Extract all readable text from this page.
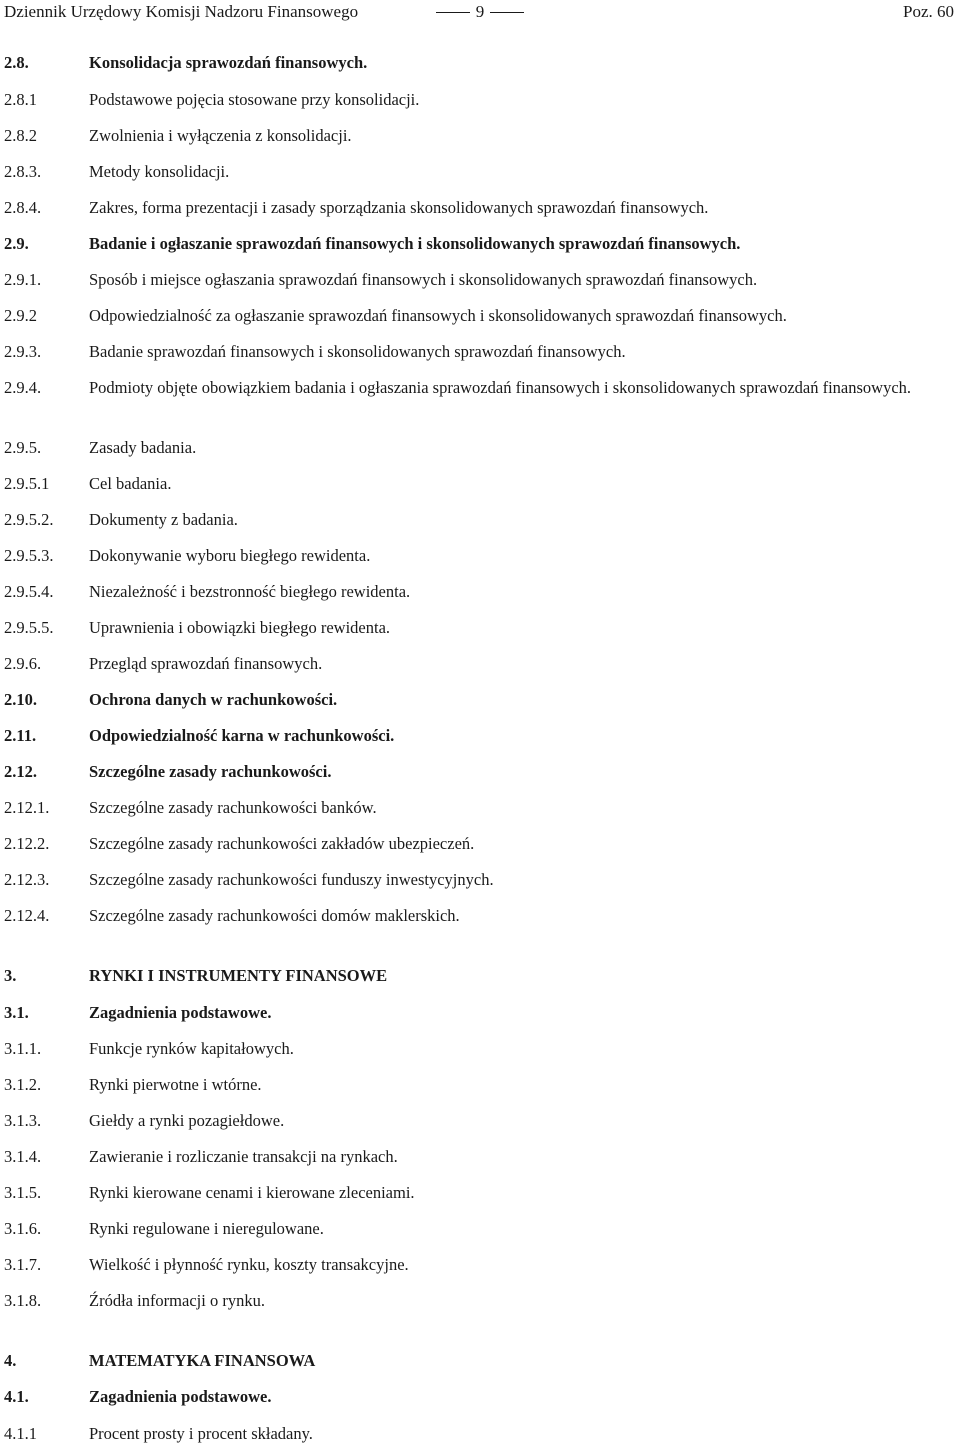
Dziennik Urzędowy Komisji Nadzoru Finansowego	9	Poz. 60
2.8.	Konsolidacja sprawozdań finansowych.
2.8.1	Podstawowe pojęcia stosowane przy konsolidacji.
2.8.2	Zwolnienia i wyłączenia z konsolidacji.
2.8.3.	Metody konsolidacji.
2.8.4.	Zakres, forma prezentacji i zasady sporządzania skonsolidowanych sprawozdań finansowych.
2.9.	Badanie i ogłaszanie sprawozdań finansowych i skonsolidowanych sprawozdań finansowych.
2.9.1.	Sposób i miejsce ogłaszania sprawozdań finansowych i skonsolidowanych sprawozdań finansowych.
2.9.2	Odpowiedzialność za ogłaszanie sprawozdań finansowych i skonsolidowanych sprawozdań finansowych.
2.9.3.	Badanie sprawozdań finansowych i skonsolidowanych sprawozdań finansowych.
2.9.4.	Podmioty objęte obowiązkiem badania i ogłaszania sprawozdań finansowych i skonsolidowanych sprawozdań finansowych.
2.9.5.	Zasady badania.
2.9.5.1 Cel badania.
2.9.5.2. Dokumenty z badania.
2.9.5.3. Dokonywanie wyboru biegłego rewidenta.
2.9.5.4. Niezależność i bezstronność biegłego rewidenta.
2.9.5.5. Uprawnienia i obowiązki biegłego rewidenta.
2.9.6.	Przegląd sprawozdań finansowych.
2.10.	Ochrona danych w rachunkowości.
2.11.	Odpowiedzialność karna w rachunkowości.
2.12.	Szczególne zasady rachunkowości.
2.12.1. Szczególne zasady rachunkowości banków.
2.12.2. Szczególne zasady rachunkowości zakładów ubezpieczeń.
2.12.3. Szczególne zasady rachunkowości funduszy inwestycyjnych.
2.12.4. Szczególne zasady rachunkowości domów maklerskich.
3.	RYNKI I INSTRUMENTY FINANSOWE
3.1.	Zagadnienia podstawowe.
3.1.1.	Funkcje rynków kapitałowych.
3.1.2.	Rynki pierwotne i wtórne.
3.1.3.	Giełdy a rynki pozagiełdowe.
3.1.4.	Zawieranie i rozliczanie transakcji na rynkach.
3.1.5.	Rynki kierowane cenami i kierowane zleceniami.
3.1.6.	Rynki regulowane i nieregulowane.
3.1.7.	Wielkość i płynność rynku, koszty transakcyjne.
3.1.8.	Źródła informacji o rynku.
4.	MATEMATYKA FINANSOWA
4.1.	Zagadnienia podstawowe.
4.1.1	Procent prosty i procent składany.
